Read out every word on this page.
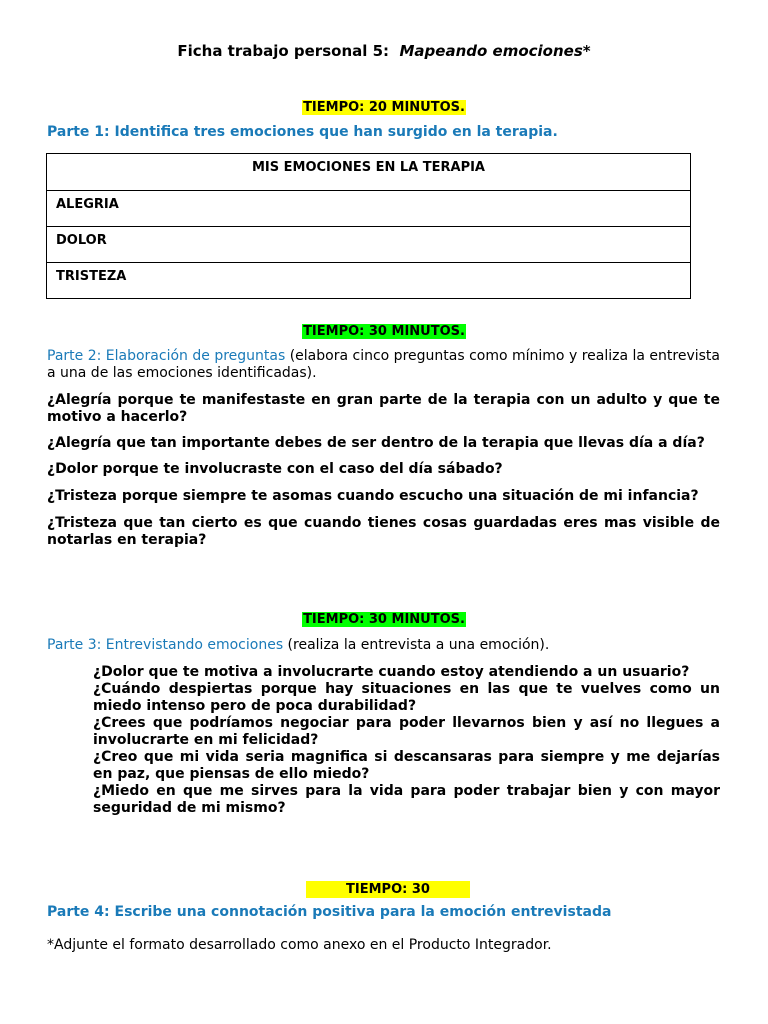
Ficha trabajo personal 5: Mapeando emociones*
TIEMPO: 20 MINUTOS.
Parte 1: Identifica tres emociones que han surgido en la terapia.
MIS EMOCIONES EN LA TERAPIA

ALEGRIA

DOLOR

TRISTEZA
TIEMPO: 30 MINUTOS.
Parte 2: Elaboración de preguntas (elabora cinco preguntas como mínimo y realiza la entrevista a una de las emociones identificadas).
¿Alegría porque te manifestaste en gran parte de la terapia con un adulto y que te motivo a hacerlo?
¿Alegría que tan importante debes de ser dentro de la terapia que llevas día a día?
¿Dolor porque te involucraste con el caso del día sábado?
¿Tristeza porque siempre te asomas cuando escucho una situación de mi infancia?
¿Tristeza que tan cierto es que cuando tienes cosas guardadas eres mas visible de notarlas en terapia?
TIEMPO: 30 MINUTOS.
Parte 3: Entrevistando emociones (realiza la entrevista a una emoción).

¿Dolor que te motiva a involucrarte cuando estoy atendiendo a un usuario?

¿Cuándo despiertas porque hay situaciones en las que te vuelves como un miedo intenso pero de poca durabilidad?

¿Crees que podríamos negociar para poder llevarnos bien y así no llegues a involucrarte en mi felicidad?

¿Creo que mi vida seria magnifica si descansaras para siempre y me dejarías en paz, que piensas de ello miedo?

¿Miedo en que me sirves para la vida para poder trabajar bien y con mayor seguridad de mi mismo?

TIEMPO: 30
Parte 4: Escribe una connotación positiva para la emoción entrevistada
*Adjunte el formato desarrollado como anexo en el Producto Integrador.
